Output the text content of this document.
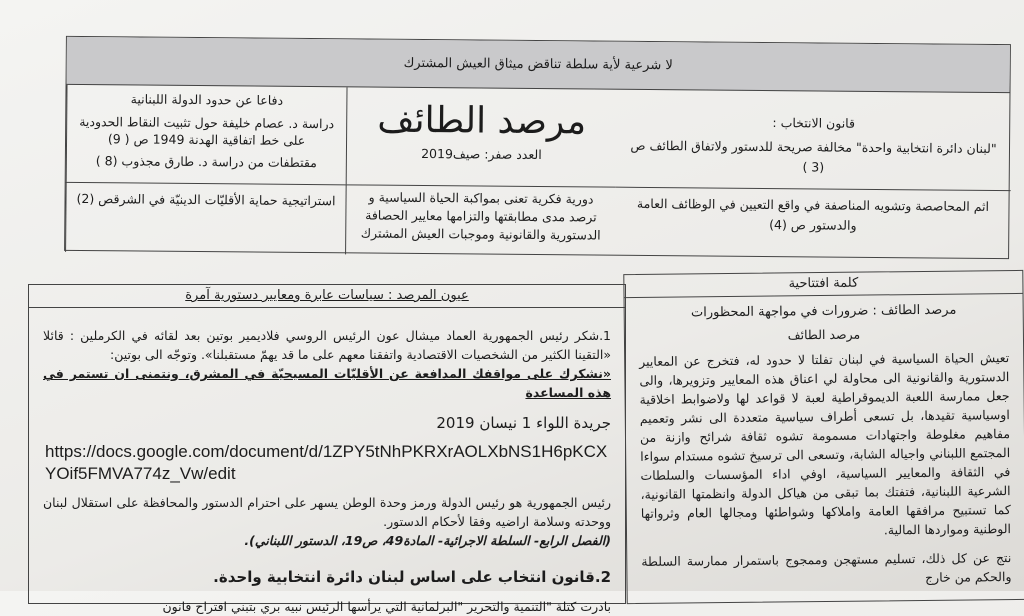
لا شرعية لأية سلطة تناقض ميثاق العيش المشترك

قانون الانتخاب :

"لبنان دائرة انتخابية واحدة" مخالفة صريحة للدستور ولاتفاق الطائف ص (3 )

مرصد الطائف
العدد صفر: صيف2019

دفاعا عن حدود الدولة اللبنانية

دراسة د. عصام خليفة حول تثبيت النقاط الحدودية على خط اتفاقية الهدنة 1949 ص ( 9)

مقتطفات من دراسة د. طارق مجذوب (8 )

اثم المحاصصة وتشويه المناصفة في واقع التعيين في الوظائف العامة والدستور ص (4)
دورية فكرية تعنى بمواكبة الحياة السياسية و ترصد مدى مطابقتها والتزامها معايير الحصافة الدستورية والقانونية وموجبات العيش المشترك
استراتيجية حماية الأقليّات الدينيّة في الشرقص (2)
كلمة افتتاحية
مرصد الطائف : ضرورات في مواجهة المحظورات
مرصد الطائف
تعيش الحياة السياسية في لبنان تفلتا لا حدود له، فتخرج عن المعايير الدستورية والقانونية الى محاولة لي اعناق هذه المعايير وتزويرها، والى جعل ممارسة اللعبة الديموقراطية لعبة لا قواعد لها ولاضوابط اخلاقية اوسياسية تقيدها، بل تسعى أطراف سياسية متعددة الى نشر وتعميم مفاهيم مغلوطة واجتهادات مسمومة تشوه ثقافة شرائح وازنة من المجتمع اللبناني واجياله الشابة، وتسعى الى ترسيخ تشوه مستدام سواءا في الثقافة والمعايير السياسية، اوفي اداء المؤسسات والسلطات الشرعية اللبنانية، فتفتك بما تبقى من هياكل الدولة وانظمتها القانونية، كما تستبيح مرافقها العامة واملاكها وشواطئها ومجالها العام وثرواتها الوطنية ومواردها المالية.
نتج عن كل ذلك، تسليم مستهجن وممجوج باستمرار ممارسة السلطة والحكم من خارج
عيون المرصد : سياسات عابرة ومعايير دستورية آمرة
1.شكر رئيس الجمهورية العماد ميشال عون الرئيس الروسي فلاديمير بوتين بعد لقائه في الكرملين : قائلا «التقينا الكثير من الشخصيات الاقتصادية واتفقنا معهم على ما قد يهمّ مستقبلنا». وتوجّه الى بوتين:
«نشكرك على مواقفك المدافعة عن الأقليّات المسيحيّة في المشرق، ونتمنى ان تستمر في هذه المساعدة
جريدة اللواء 1 نيسان 2019
https://docs.google.com/document/d/1ZPY5tNhPKRXrAOLXbNS1H6pKCXYOif5FMVA774z_Vw/edit
رئيس الجمهورية هو رئيس الدولة ورمز وحدة الوطن يسهر على احترام الدستور والمحافظة على استقلال لبنان ووحدته وسلامة اراضيه وفقا لأحكام الدستور.
(الفصل الرابع- السلطة الاجرائية- المادة49، ص19، الدستور اللبناني).
2.قانون انتخاب على اساس لبنان دائرة انتخابية واحدة.
بادرت كتلة "التنمية والتحرير "البرلمانية التي يرأسها الرئيس نبيه بري بتبني اقتراح قانون
